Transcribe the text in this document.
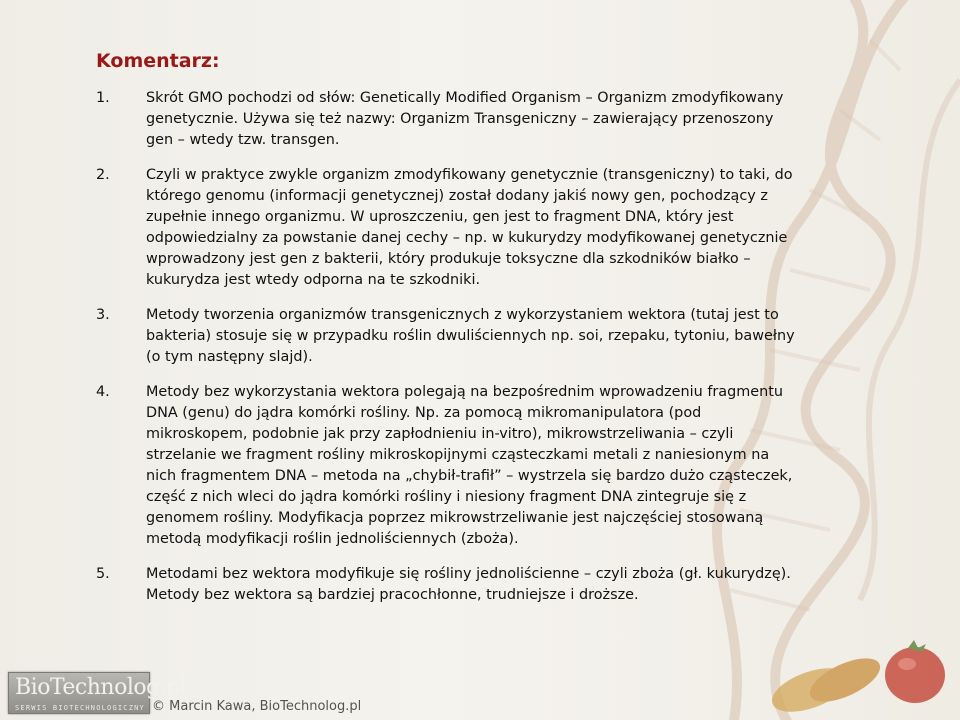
Komentarz:
1.	Skrót GMO pochodzi od słów: Genetically Modified Organism – Organizm zmodyfikowany genetycznie. Używa się też nazwy: Organizm Transgeniczny – zawierający przenoszony gen – wtedy tzw. transgen.
2.	Czyli w praktyce zwykle organizm zmodyfikowany genetycznie (transgeniczny) to taki, do którego genomu (informacji genetycznej) został dodany jakiś nowy gen, pochodzący z zupełnie innego organizmu. W uproszczeniu, gen jest to fragment DNA, który jest odpowiedzialny za powstanie danej cechy – np. w kukurydzy modyfikowanej genetycznie wprowadzony jest gen z bakterii, który produkuje toksyczne dla szkodników białko – kukurydza jest wtedy odporna na te szkodniki.
3.	Metody tworzenia organizmów transgenicznych z wykorzystaniem wektora (tutaj jest to bakteria) stosuje się w przypadku roślin dwuliściennych np. soi, rzepaku, tytoniu, bawełny (o tym następny slajd).
4.	Metody bez wykorzystania wektora polegają na bezpośrednim wprowadzeniu fragmentu DNA (genu) do jądra komórki rośliny. Np. za pomocą mikromanipulatora (pod mikroskopem, podobnie jak przy zapłodnieniu in-vitro), mikrowstrzeliwania – czyli strzelanie we fragment rośliny mikroskopijnymi cząsteczkami metali z naniesionym na nich fragmentem DNA – metoda na „chybił-trafił” – wystrzela się bardzo dużo cząsteczek, część z nich wleci do jądra komórki rośliny i niesiony fragment DNA zintegruje się z genomem rośliny. Modyfikacja poprzez mikrowstrzeliwanie jest najczęściej stosowaną metodą modyfikacji roślin jednoliściennych (zboża).
5.	Metodami bez wektora modyfikuje się rośliny jednoliścienne – czyli zboża (gł. kukurydzę). Metody bez wektora są bardziej pracochłonne, trudniejsze i droższe.
BioTechnolog.pl
SERWIS BIOTECHNOLOGICZNY © Marcin Kawa, BioTechnolog.pl
